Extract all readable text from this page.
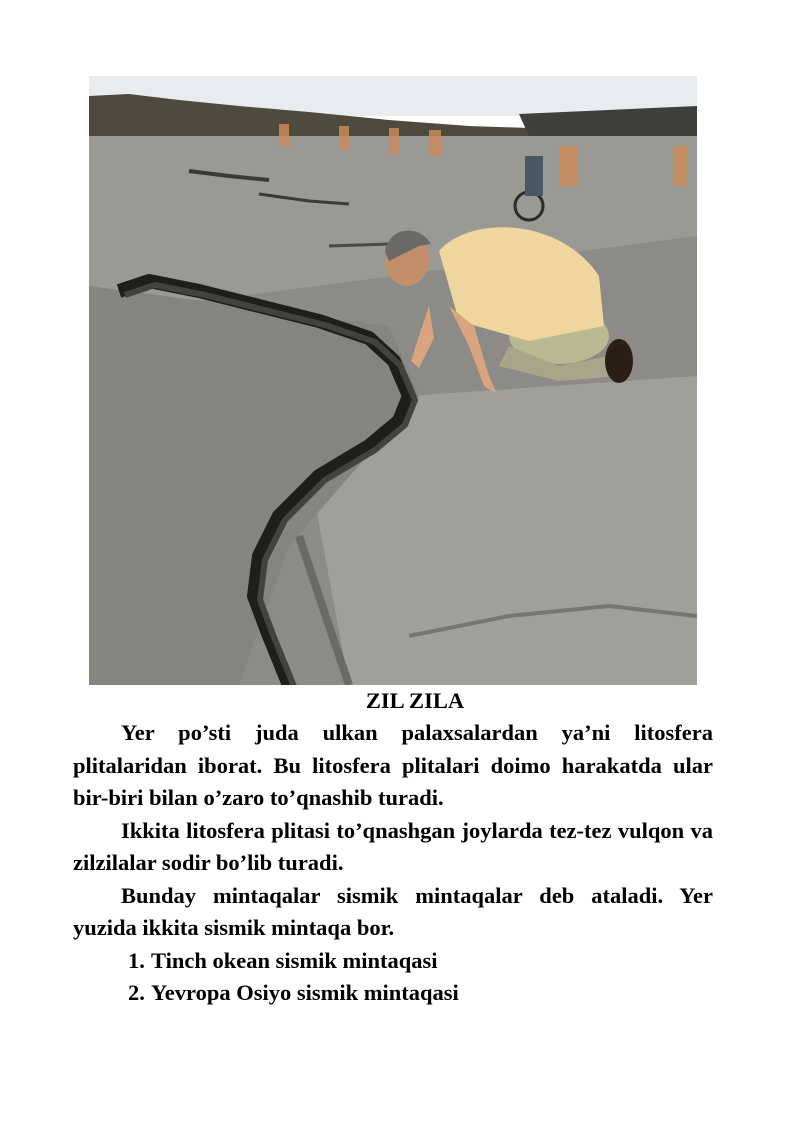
ZIL ZILA

Yer po’sti juda ulkan palaxsalardan ya’ni litosfera plitalaridan iborat. Bu litosfera plitalari doimo harakatda ular bir-biri bilan o’zaro to’qnashib turadi.

Ikkita litosfera plitasi to’qnashgan joylarda tez-tez vulqon va zilzilalar sodir bo’lib turadi.

Bunday mintaqalar sismik mintaqalar deb ataladi. Yer yuzida ikkita sismik mintaqa bor.

1. Tinch okean sismik mintaqasi
2. Yevropa Osiyo sismik mintaqasi
